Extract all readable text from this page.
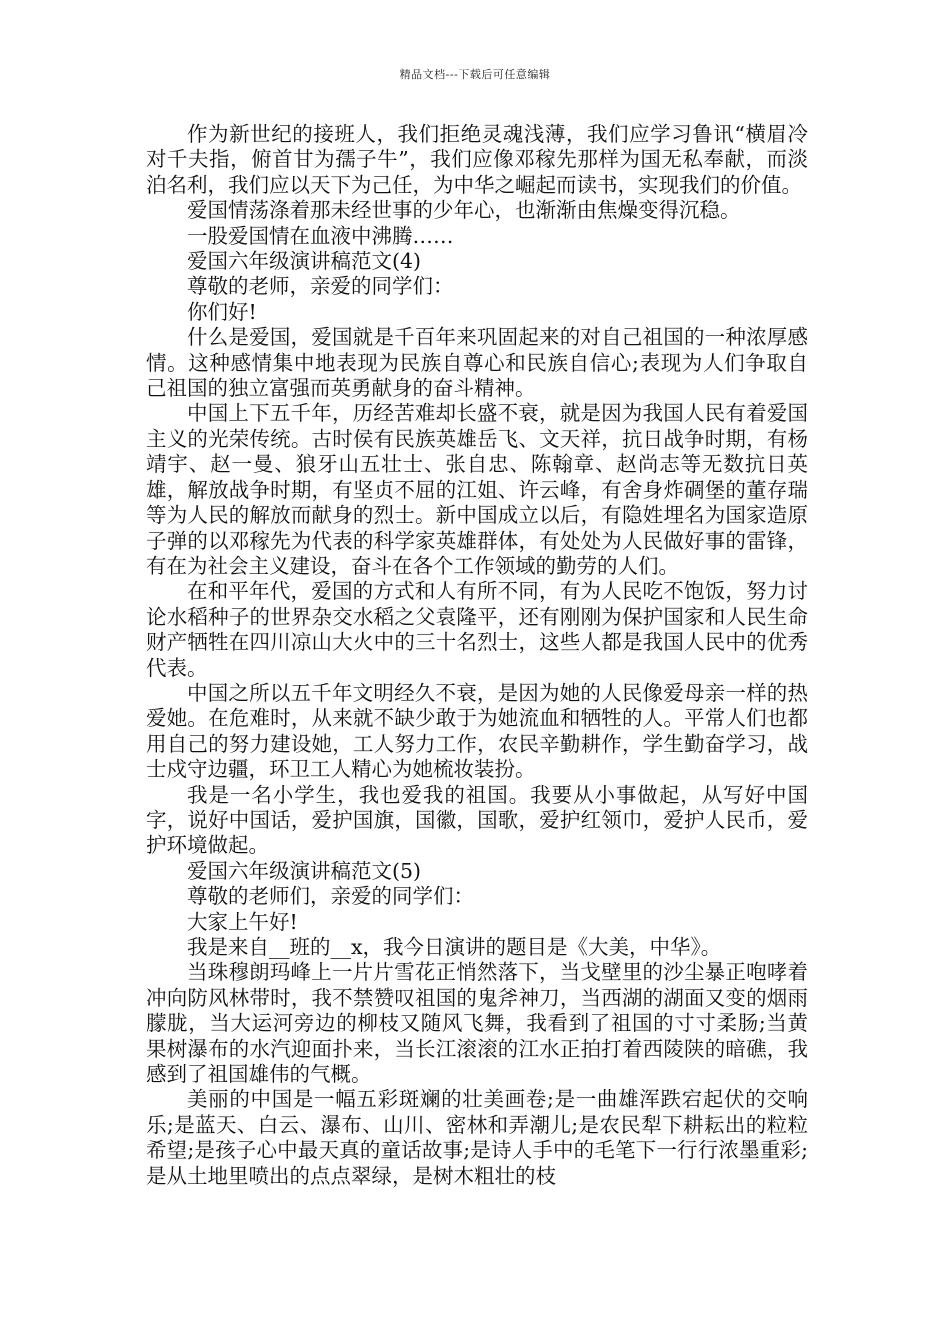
精品文档---下载后可任意编辑

作为新世纪的接班人，我们拒绝灵魂浅薄，我们应学习鲁讯“横眉冷对千夫指，俯首甘为孺子牛”，我们应像邓稼先那样为国无私奉献，而淡泊名利，我们应以天下为己任，为中华之崛起而读书，实现我们的价值。

爱国情荡涤着那未经世事的少年心，也渐渐由焦燥变得沉稳。

一股爱国情在血液中沸腾……

爱国六年级演讲稿范文(4)

尊敬的老师，亲爱的同学们：

你们好!

什么是爱国，爱国就是千百年来巩固起来的对自己祖国的一种浓厚感情。这种感情集中地表现为民族自尊心和民族自信心;表现为人们争取自己祖国的独立富强而英勇献身的奋斗精神。

中国上下五千年，历经苦难却长盛不衰，就是因为我国人民有着爱国主义的光荣传统。古时侯有民族英雄岳飞、文天祥，抗日战争时期，有杨靖宇、赵一曼、狼牙山五壮士、张自忠、陈翰章、赵尚志等无数抗日英雄，解放战争时期，有坚贞不屈的江姐、许云峰，有舍身炸碉堡的董存瑞等为人民的解放而献身的烈士。新中国成立以后，有隐姓埋名为国家造原子弹的以邓稼先为代表的科学家英雄群体，有处处为人民做好事的雷锋，有在为社会主义建设，奋斗在各个工作领域的勤劳的人们。

在和平年代，爱国的方式和人有所不同，有为人民吃不饱饭，努力讨论水稻种子的世界杂交水稻之父袁隆平，还有刚刚为保护国家和人民生命财产牺牲在四川凉山大火中的三十名烈士，这些人都是我国人民中的优秀代表。

中国之所以五千年文明经久不衰，是因为她的人民像爱母亲一样的热爱她。在危难时，从来就不缺少敢于为她流血和牺牲的人。平常人们也都用自己的努力建设她，工人努力工作，农民辛勤耕作，学生勤奋学习，战士戍守边疆，环卫工人精心为她梳妆装扮。

我是一名小学生，我也爱我的祖国。我要从小事做起，从写好中国字，说好中国话，爱护国旗，国徽，国歌，爱护红领巾，爱护人民币，爱护环境做起。

爱国六年级演讲稿范文(5)

尊敬的老师们，亲爱的同学们：

大家上午好!

我是来自__班的__x，我今日演讲的题目是《大美，中华》。

当珠穆朗玛峰上一片片雪花正悄然落下，当戈壁里的沙尘暴正咆哮着冲向防风林带时，我不禁赞叹祖国的鬼斧神刀，当西湖的湖面又变的烟雨朦胧，当大运河旁边的柳枝又随风飞舞，我看到了祖国的寸寸柔肠;当黄果树瀑布的水汽迎面扑来，当长江滚滚的江水正拍打着西陵陕的暗礁，我感到了祖国雄伟的气概。

美丽的中国是一幅五彩斑斓的壮美画卷;是一曲雄浑跌宕起伏的交响乐;是蓝天、白云、瀑布、山川、密林和弄潮儿;是农民犁下耕耘出的粒粒希望;是孩子心中最天真的童话故事;是诗人手中的毛笔下一行行浓墨重彩;是从土地里喷出的点点翠绿，是树木粗壮的枝
